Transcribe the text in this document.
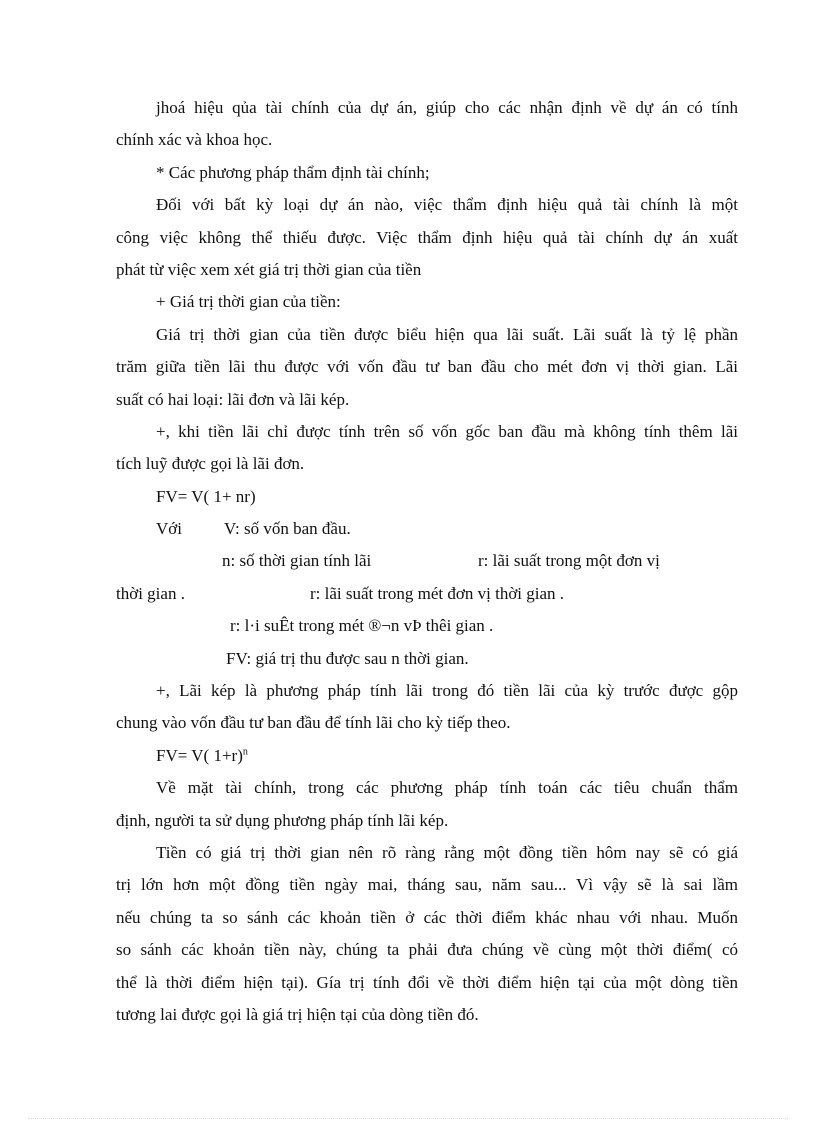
jhoá hiệu qủa tài chính của dự án, giúp cho các nhận định về dự án có tính
chính xác và khoa học.
* Các phương pháp thẩm định tài chính;
Đối với bất kỳ loại dự án nào, việc thẩm định hiệu quả tài chính là một
công việc không thể thiếu được. Việc thẩm định hiệu quả tài chính dự án xuất
phát từ việc xem xét giá trị thời gian của tiền
+ Giá trị thời gian của tiền:
Giá trị thời gian của tiền được biểu hiện qua lãi suất. Lãi suất là tỷ lệ phần
trăm giữa tiền lãi thu được với vốn đầu tư ban đầu cho mét đơn vị thời gian. Lãi
suất có hai loại: lãi đơn và lãi kép.
+, khi tiền lãi chỉ được tính trên số vốn gốc ban đầu mà không tính thêm lãi
tích luỹ được gọi là lãi đơn.
FV= V( 1+ nr)
Với V: số vốn ban đầu.
n: số thời gian tính lãi	r: lãi suất trong một đơn vị
thời gian .	r: lãi suất trong mét đơn vị thời gian .
r: l·i suÊt trong mét ®¬n vÞ thêi gian .
FV: giá trị thu được sau n thời gian.
+, Lãi kép là phương pháp tính lãi trong đó tiền lãi của kỳ trước được gộp
chung vào vốn đầu tư ban đầu để tính lãi cho kỳ tiếp theo.
FV= V( 1+r)$^n$
Về mặt tài chính, trong các phương pháp tính toán các tiêu chuẩn thẩm
định, người ta sử dụng phương pháp tính lãi kép.
Tiền có giá trị thời gian nên rõ ràng rằng một đồng tiền hôm nay sẽ có giá
trị lớn hơn một đồng tiền ngày mai, tháng sau, năm sau... Vì vậy sẽ là sai lầm
nếu chúng ta so sánh các khoản tiền ở các thời điểm khác nhau với nhau. Muốn
so sánh các khoản tiền này, chúng ta phải đưa chúng về cùng một thời điểm( có
thể là thời điểm hiện tại). Gía trị tính đổi về thời điểm hiện tại của một dòng tiền
tương lai được gọi là giá trị hiện tại của dòng tiền đó.
